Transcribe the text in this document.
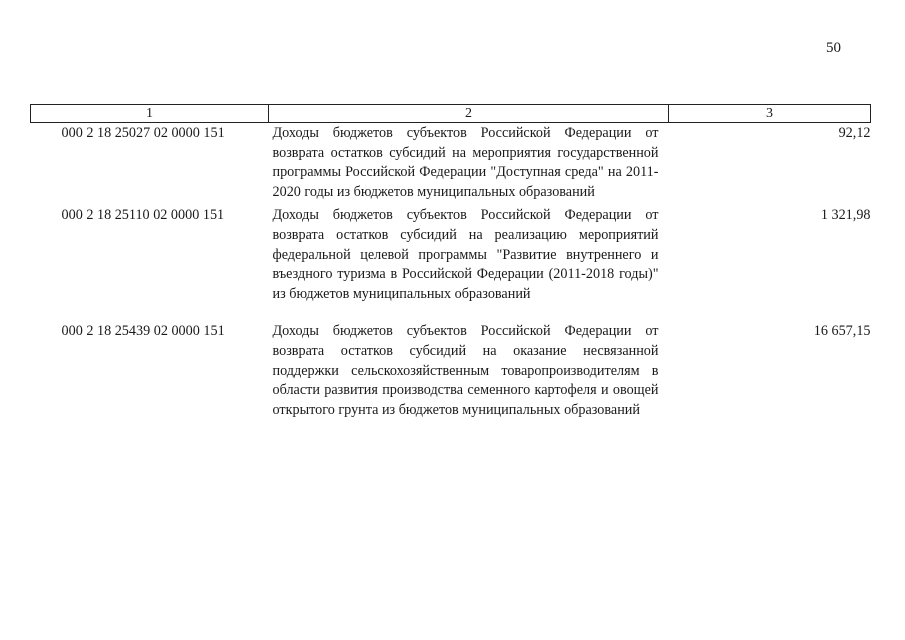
50
1	2	3
000 2 18 25027 02 0000 151	Доходы бюджетов субъектов Российской Федерации от возврата остатков субсидий на мероприятия государственной программы Российской Федерации "Доступная среда" на 2011-2020 годы из бюджетов муниципальных образований	92,12
000 2 18 25110 02 0000 151	Доходы бюджетов субъектов Российской Федерации от возврата остатков субсидий на реализацию мероприятий федеральной целевой программы "Развитие внутреннего и въездного туризма в Российской Федерации (2011-2018 годы)" из бюджетов муниципальных образований	1 321,98
000 2 18 25439 02 0000 151	Доходы бюджетов субъектов Российской Федерации от возврата остатков субсидий на оказание несвязанной поддержки сельскохозяйственным товаропроизводителям в области развития производства семенного картофеля и овощей открытого грунта из бюджетов муниципальных образований	16 657,15
